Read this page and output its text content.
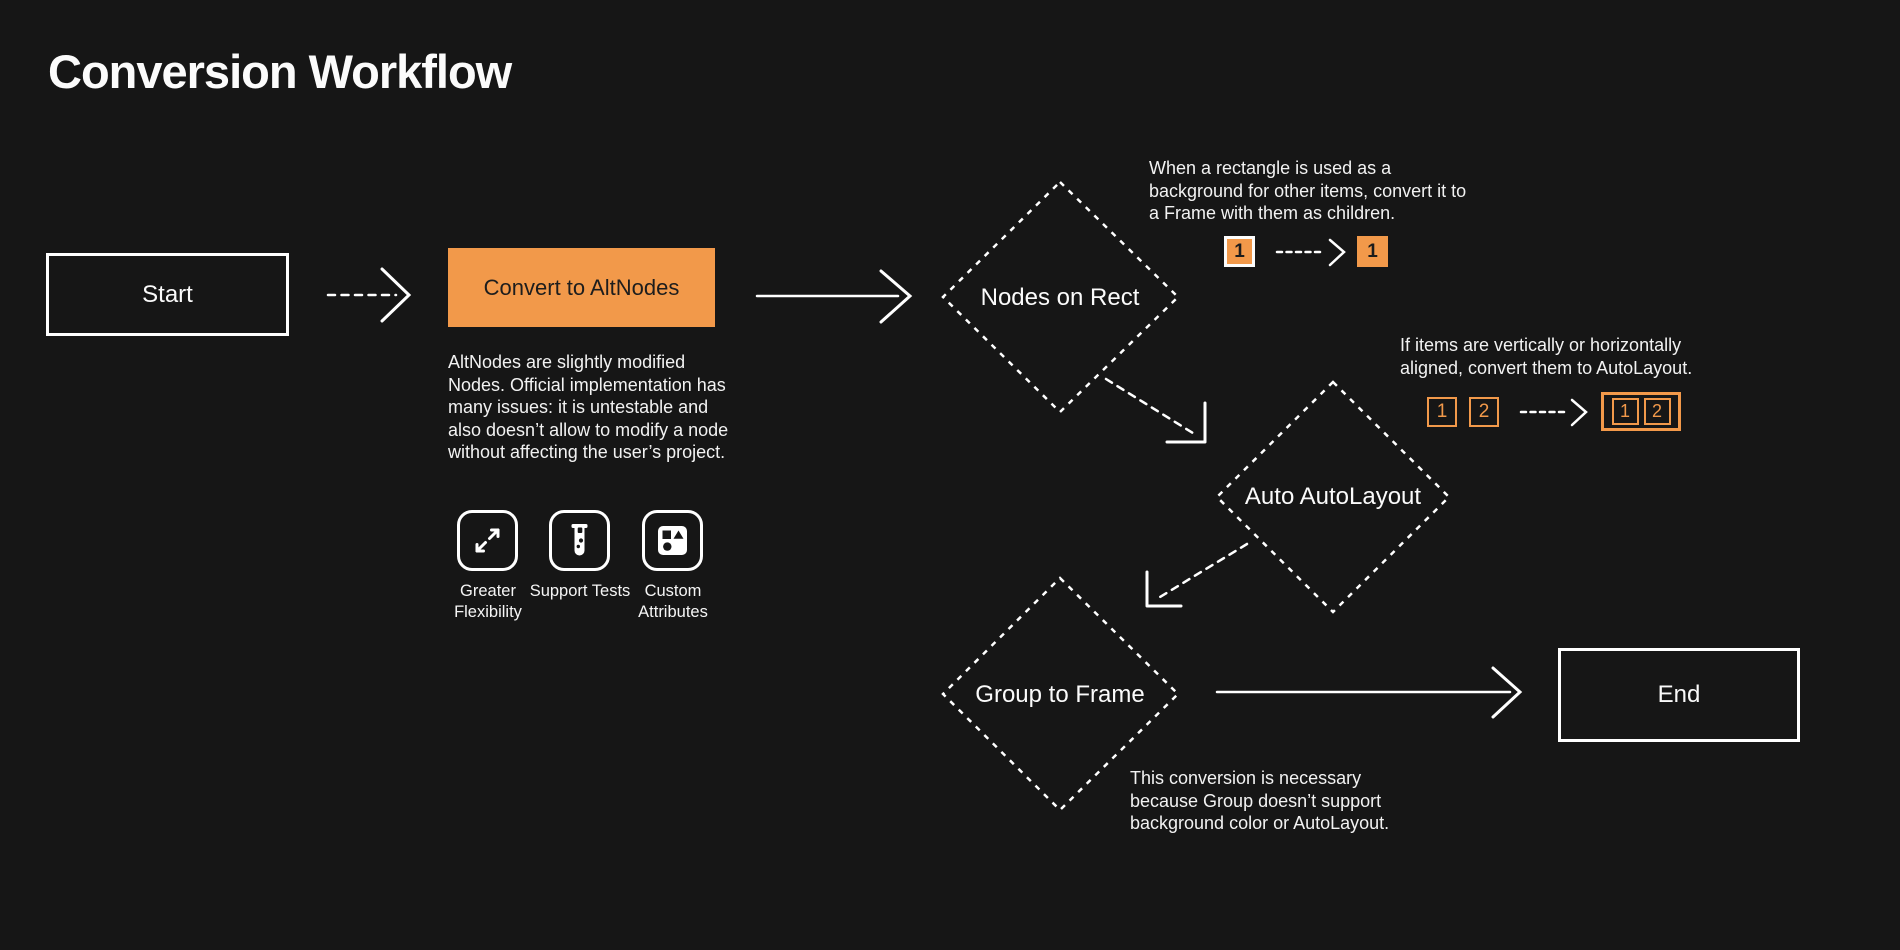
Conversion Workflow
Start	Convert to AltNodes
AltNodes are slightly modified Nodes. Official implementation has many issues: it is untestable and also doesn’t allow to modify a node without affecting the user’s project.
Greater Flexibility
Support Tests Custom Attributes
Nodes on Rect
Auto AutoLayout
Group to Frame
When a rectangle is used as a background for other items, convert it to a Frame with them as children.
If items are vertically or horizontally aligned, convert them to AutoLayout.
This conversion is necessary because Group doesn’t support background color or AutoLayout.
1	1
1	2	1	2
End
